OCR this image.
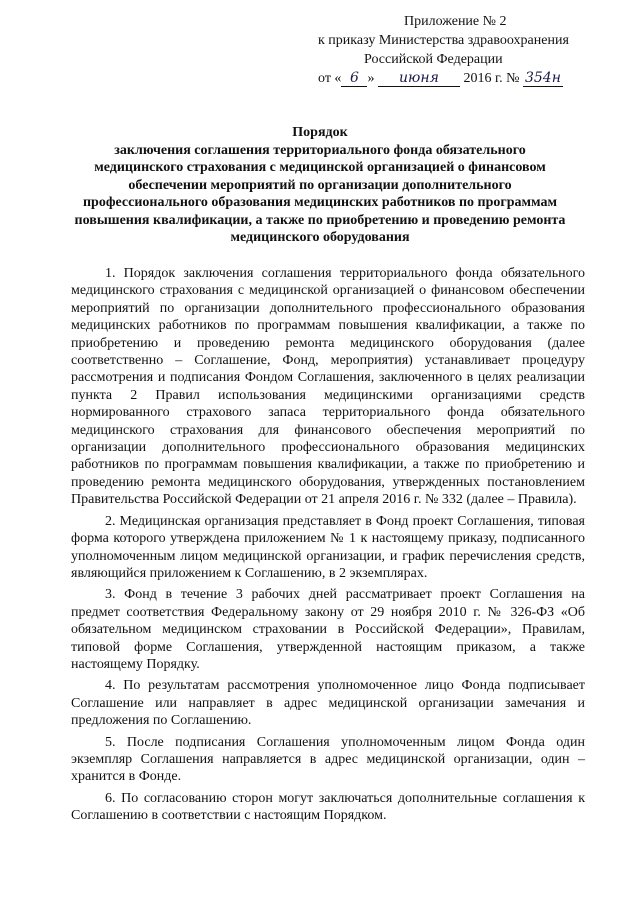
Приложение № 2
к приказу Министерства здравоохранения
Российской Федерации
от « 6 » июня 2016 г. № 354н
Порядок
заключения соглашения территориального фонда обязательного медицинского страхования с медицинской организацией о финансовом обеспечении мероприятий по организации дополнительного профессионального образования медицинских работников по программам повышения квалификации, а также по приобретению и проведению ремонта медицинского оборудования

1. Порядок заключения соглашения территориального фонда обязательного медицинского страхования с медицинской организацией о финансовом обеспечении мероприятий по организации дополнительного профессионального образования медицинских работников по программам повышения квалификации, а также по приобретению и проведению ремонта медицинского оборудования (далее соответственно – Соглашение, Фонд, мероприятия) устанавливает процедуру рассмотрения и подписания Фондом Соглашения, заключенного в целях реализации пункта 2 Правил использования медицинскими организациями средств нормированного страхового запаса территориального фонда обязательного медицинского страхования для финансового обеспечения мероприятий по организации дополнительного профессионального образования медицинских работников по программам повышения квалификации, а также по приобретению и проведению ремонта медицинского оборудования, утвержденных постановлением Правительства Российской Федерации от 21 апреля 2016 г. № 332 (далее – Правила).

2. Медицинская организация представляет в Фонд проект Соглашения, типовая форма которого утверждена приложением № 1 к настоящему приказу, подписанного уполномоченным лицом медицинской организации, и график перечисления средств, являющийся приложением к Соглашению, в 2 экземплярах.

3. Фонд в течение 3 рабочих дней рассматривает проект Соглашения на предмет соответствия Федеральному закону от 29 ноября 2010 г. № 326-ФЗ «Об обязательном медицинском страховании в Российской Федерации», Правилам, типовой форме Соглашения, утвержденной настоящим приказом, а также настоящему Порядку.

4. По результатам рассмотрения уполномоченное лицо Фонда подписывает Соглашение или направляет в адрес медицинской организации замечания и предложения по Соглашению.

5. После подписания Соглашения уполномоченным лицом Фонда один экземпляр Соглашения направляется в адрес медицинской организации, один – хранится в Фонде.

6. По согласованию сторон могут заключаться дополнительные соглашения к Соглашению в соответствии с настоящим Порядком.
